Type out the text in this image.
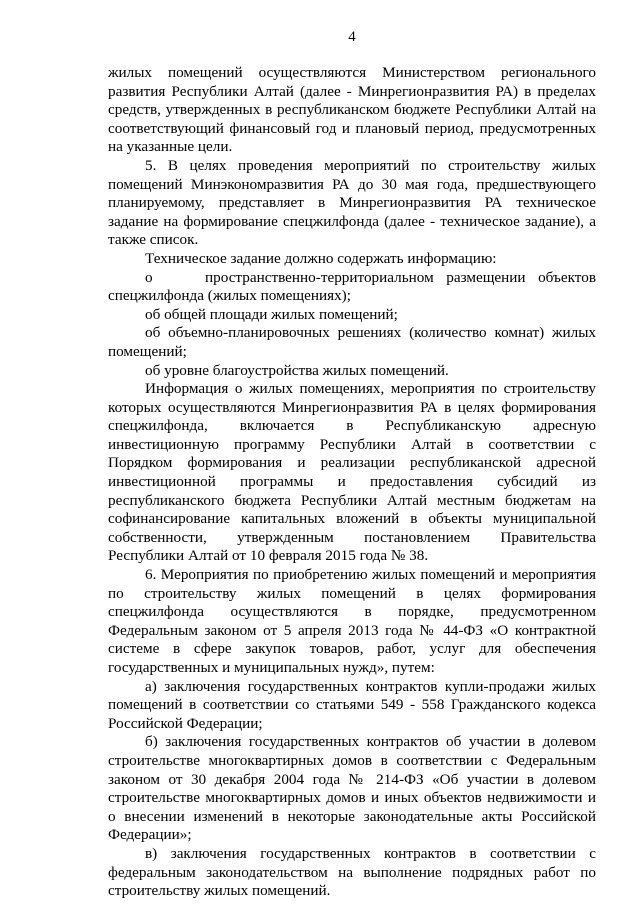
4

жилых помещений осуществляются Министерством регионального развития Республики Алтай (далее - Минрегионразвития РА) в пределах средств, утвержденных в республиканском бюджете Республики Алтай на соответствующий финансовый год и плановый период, предусмотренных на указанные цели.

5. В целях проведения мероприятий по строительству жилых помещений Минэкономразвития РА до 30 мая года, предшествующего планируемому, представляет в Минрегионразвития РА техническое задание на формирование спецжилфонда (далее - техническое задание), а также список.

Техническое задание должно содержать информацию:

о	пространственно-территориальном размещении объектов

спецжилфонда (жилых помещениях);

об общей площади жилых помещений;

об объемно-планировочных решениях (количество комнат) жилых помещений;

об уровне благоустройства жилых помещений.

Информация о жилых помещениях, мероприятия по строительству которых осуществляются Минрегионразвития РА в целях формирования спецжилфонда, включается в Республиканскую адресную инвестиционную программу Республики Алтай в соответствии с Порядком формирования и реализации республиканской адресной инвестиционной программы и предоставления субсидий из республиканского бюджета Республики Алтай местным бюджетам на софинансирование капитальных вложений в объекты муниципальной собственности, утвержденным постановлением Правительства Республики Алтай от 10 февраля 2015 года № 38.

6. Мероприятия по приобретению жилых помещений и мероприятия по строительству жилых помещений в целях формирования спецжилфонда осуществляются в порядке, предусмотренном Федеральным законом от 5 апреля 2013 года № 44-ФЗ «О контрактной системе в сфере закупок товаров, работ, услуг для обеспечения государственных и муниципальных нужд», путем:

а) заключения государственных контрактов купли-продажи жилых помещений в соответствии со статьями 549 - 558 Гражданского кодекса Российской Федерации;

б) заключения государственных контрактов об участии в долевом строительстве многоквартирных домов в соответствии с Федеральным законом от 30 декабря 2004 года № 214-ФЗ «Об участии в долевом строительстве многоквартирных домов и иных объектов недвижимости и о внесении изменений в некоторые законодательные акты Российской Федерации»;

в) заключения государственных контрактов в соответствии с федеральным законодательством на выполнение подрядных работ по строительству жилых помещений.
